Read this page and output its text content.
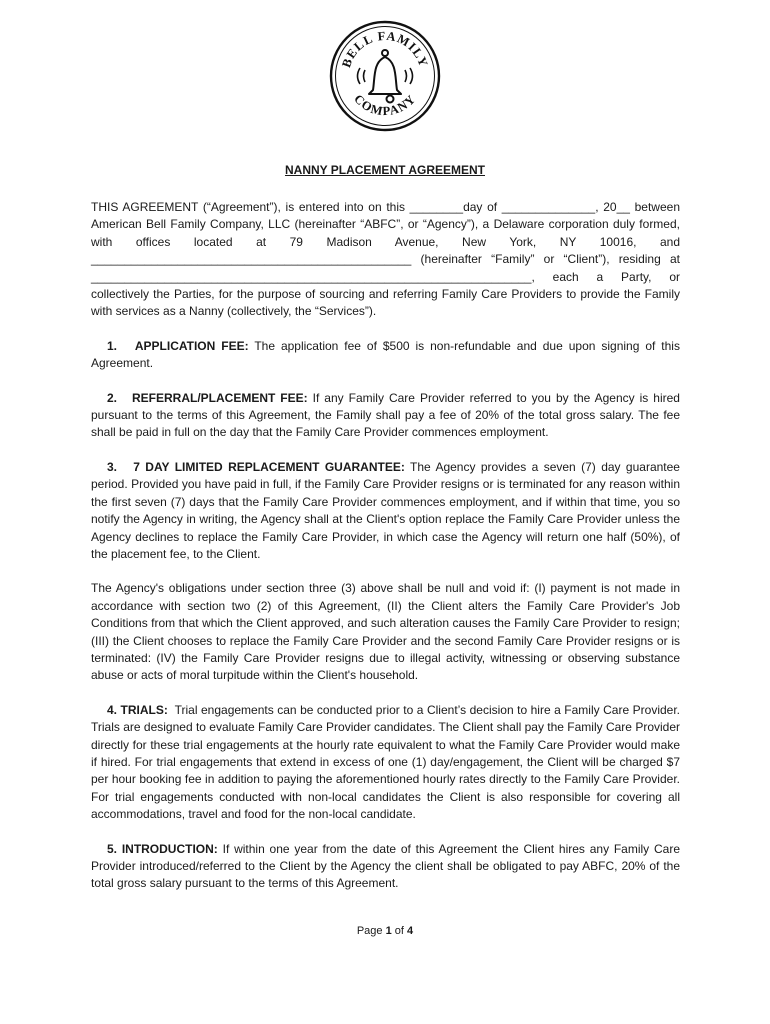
BELL FAMILY
COMPANY
NANNY PLACEMENT AGREEMENT

THIS AGREEMENT (“Agreement”), is entered into on this ________day of ______________, 20__ between American Bell Family Company, LLC (hereinafter “ABFC”, or “Agency”), a Delaware corporation duly formed, with offices located at 79 Madison Avenue, New York, NY 10016, and ________________________________________________ (hereinafter “Family” or “Client”), residing at __________________________________________________________________, each a Party, or collectively the Parties, for the purpose of sourcing and referring Family Care Providers to provide the Family with services as a Nanny (collectively, the “Services”).

1. APPLICATION FEE: The application fee of $500 is non-refundable and due upon signing of this Agreement.

2. REFERRAL/PLACEMENT FEE: If any Family Care Provider referred to you by the Agency is hired pursuant to the terms of this Agreement, the Family shall pay a fee of 20% of the total gross salary. The fee shall be paid in full on the day that the Family Care Provider commences employment.

3. 7 DAY LIMITED REPLACEMENT GUARANTEE: The Agency provides a seven (7) day guarantee period. Provided you have paid in full, if the Family Care Provider resigns or is terminated for any reason within the first seven (7) days that the Family Care Provider commences employment, and if within that time, you so notify the Agency in writing, the Agency shall at the Client's option replace the Family Care Provider unless the Agency declines to replace the Family Care Provider, in which case the Agency will return one half (50%), of the placement fee, to the Client.

The Agency's obligations under section three (3) above shall be null and void if: (I) payment is not made in accordance with section two (2) of this Agreement, (II) the Client alters the Family Care Provider's Job Conditions from that which the Client approved, and such alteration causes the Family Care Provider to resign; (III) the Client chooses to replace the Family Care Provider and the second Family Care Provider resigns or is terminated: (IV) the Family Care Provider resigns due to illegal activity, witnessing or observing substance abuse or acts of moral turpitude within the Client's household.

4. TRIALS: Trial engagements can be conducted prior to a Client’s decision to hire a Family Care Provider. Trials are designed to evaluate Family Care Provider candidates. The Client shall pay the Family Care Provider directly for these trial engagements at the hourly rate equivalent to what the Family Care Provider would make if hired. For trial engagements that extend in excess of one (1) day/engagement, the Client will be charged $7 per hour booking fee in addition to paying the aforementioned hourly rates directly to the Family Care Provider. For trial engagements conducted with non-local candidates the Client is also responsible for covering all accommodations, travel and food for the non-local candidate.

5. INTRODUCTION: If within one year from the date of this Agreement the Client hires any Family Care Provider introduced/referred to the Client by the Agency the client shall be obligated to pay ABFC, 20% of the total gross salary pursuant to the terms of this Agreement.

Page 1 of 4
